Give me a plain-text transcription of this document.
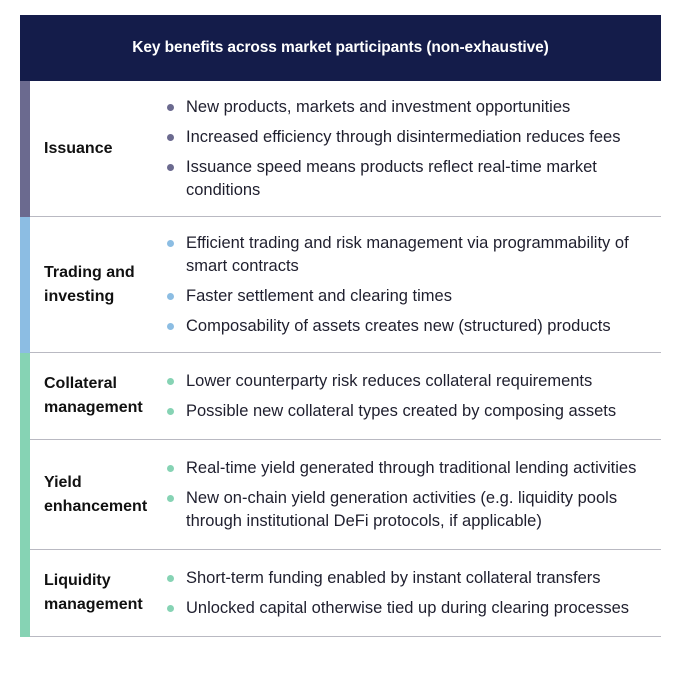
Key benefits across market participants (non-exhaustive)
Issuance
New products, markets and investment opportunities
Increased efficiency through disintermediation reduces fees
Issuance speed means products reflect real-time market conditions
Trading and investing
Efficient trading and risk management via programmability of smart contracts
Faster settlement and clearing times
Composability of assets creates new (structured) products
Collateral management
Lower counterparty risk reduces collateral requirements
Possible new collateral types created by composing assets
Yield enhancement
Real-time yield generated through traditional lending activities
New on-chain yield generation activities (e.g. liquidity pools through institutional DeFi protocols, if applicable)
Liquidity management
Short-term funding enabled by instant collateral transfers
Unlocked capital otherwise tied up during clearing processes
